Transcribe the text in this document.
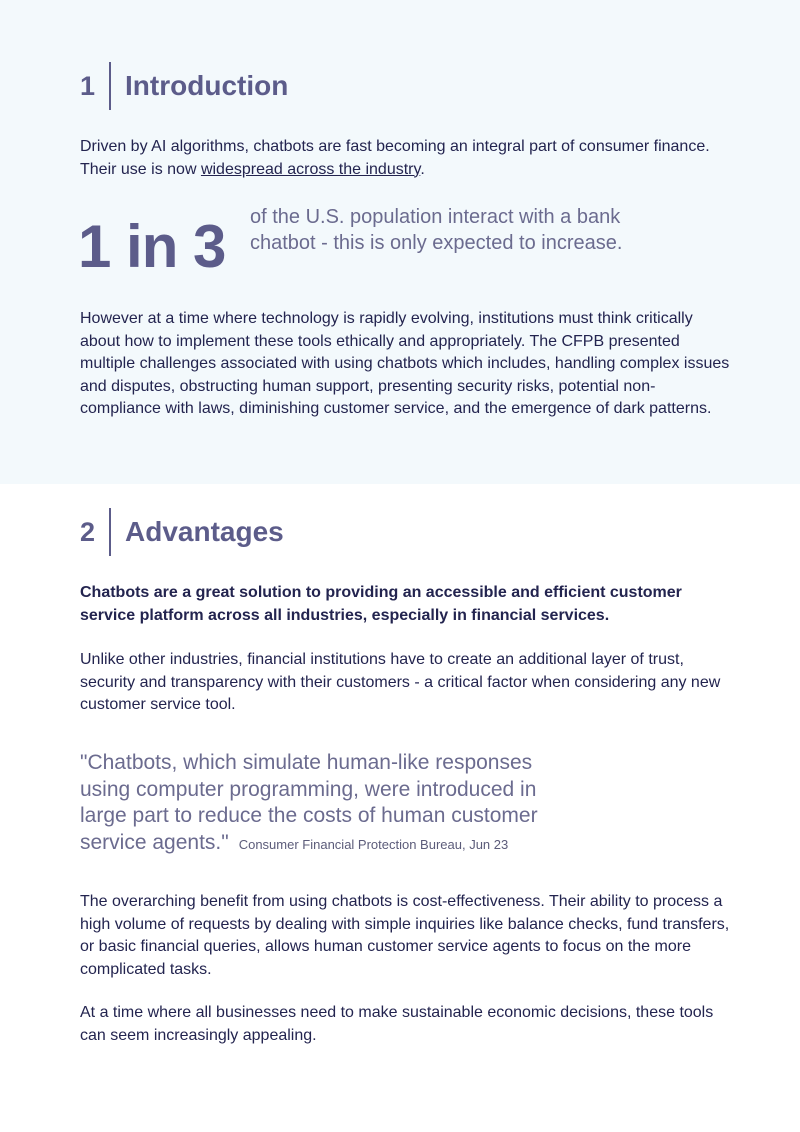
1 Introduction

Driven by AI algorithms, chatbots are fast becoming an integral part of consumer finance. Their use is now widespread across the industry.

1 in 3 of the U.S. population interact with a bank chatbot - this is only expected to increase.

However at a time where technology is rapidly evolving, institutions must think critically about how to implement these tools ethically and appropriately. The CFPB presented multiple challenges associated with using chatbots which includes, handling complex issues and disputes, obstructing human support, presenting security risks, potential non-compliance with laws, diminishing customer service, and the emergence of dark patterns.

2 Advantages

Chatbots are a great solution to providing an accessible and efficient customer service platform across all industries, especially in financial services.

Unlike other industries, financial institutions have to create an additional layer of trust, security and transparency with their customers - a critical factor when considering any new customer service tool.

"Chatbots, which simulate human-like responses using computer programming, were introduced in large part to reduce the costs of human customer service agents." Consumer Financial Protection Bureau, Jun 23

The overarching benefit from using chatbots is cost-effectiveness. Their ability to process a high volume of requests by dealing with simple inquiries like balance checks, fund transfers, or basic financial queries, allows human customer service agents to focus on the more complicated tasks.

At a time where all businesses need to make sustainable economic decisions, these tools can seem increasingly appealing.
